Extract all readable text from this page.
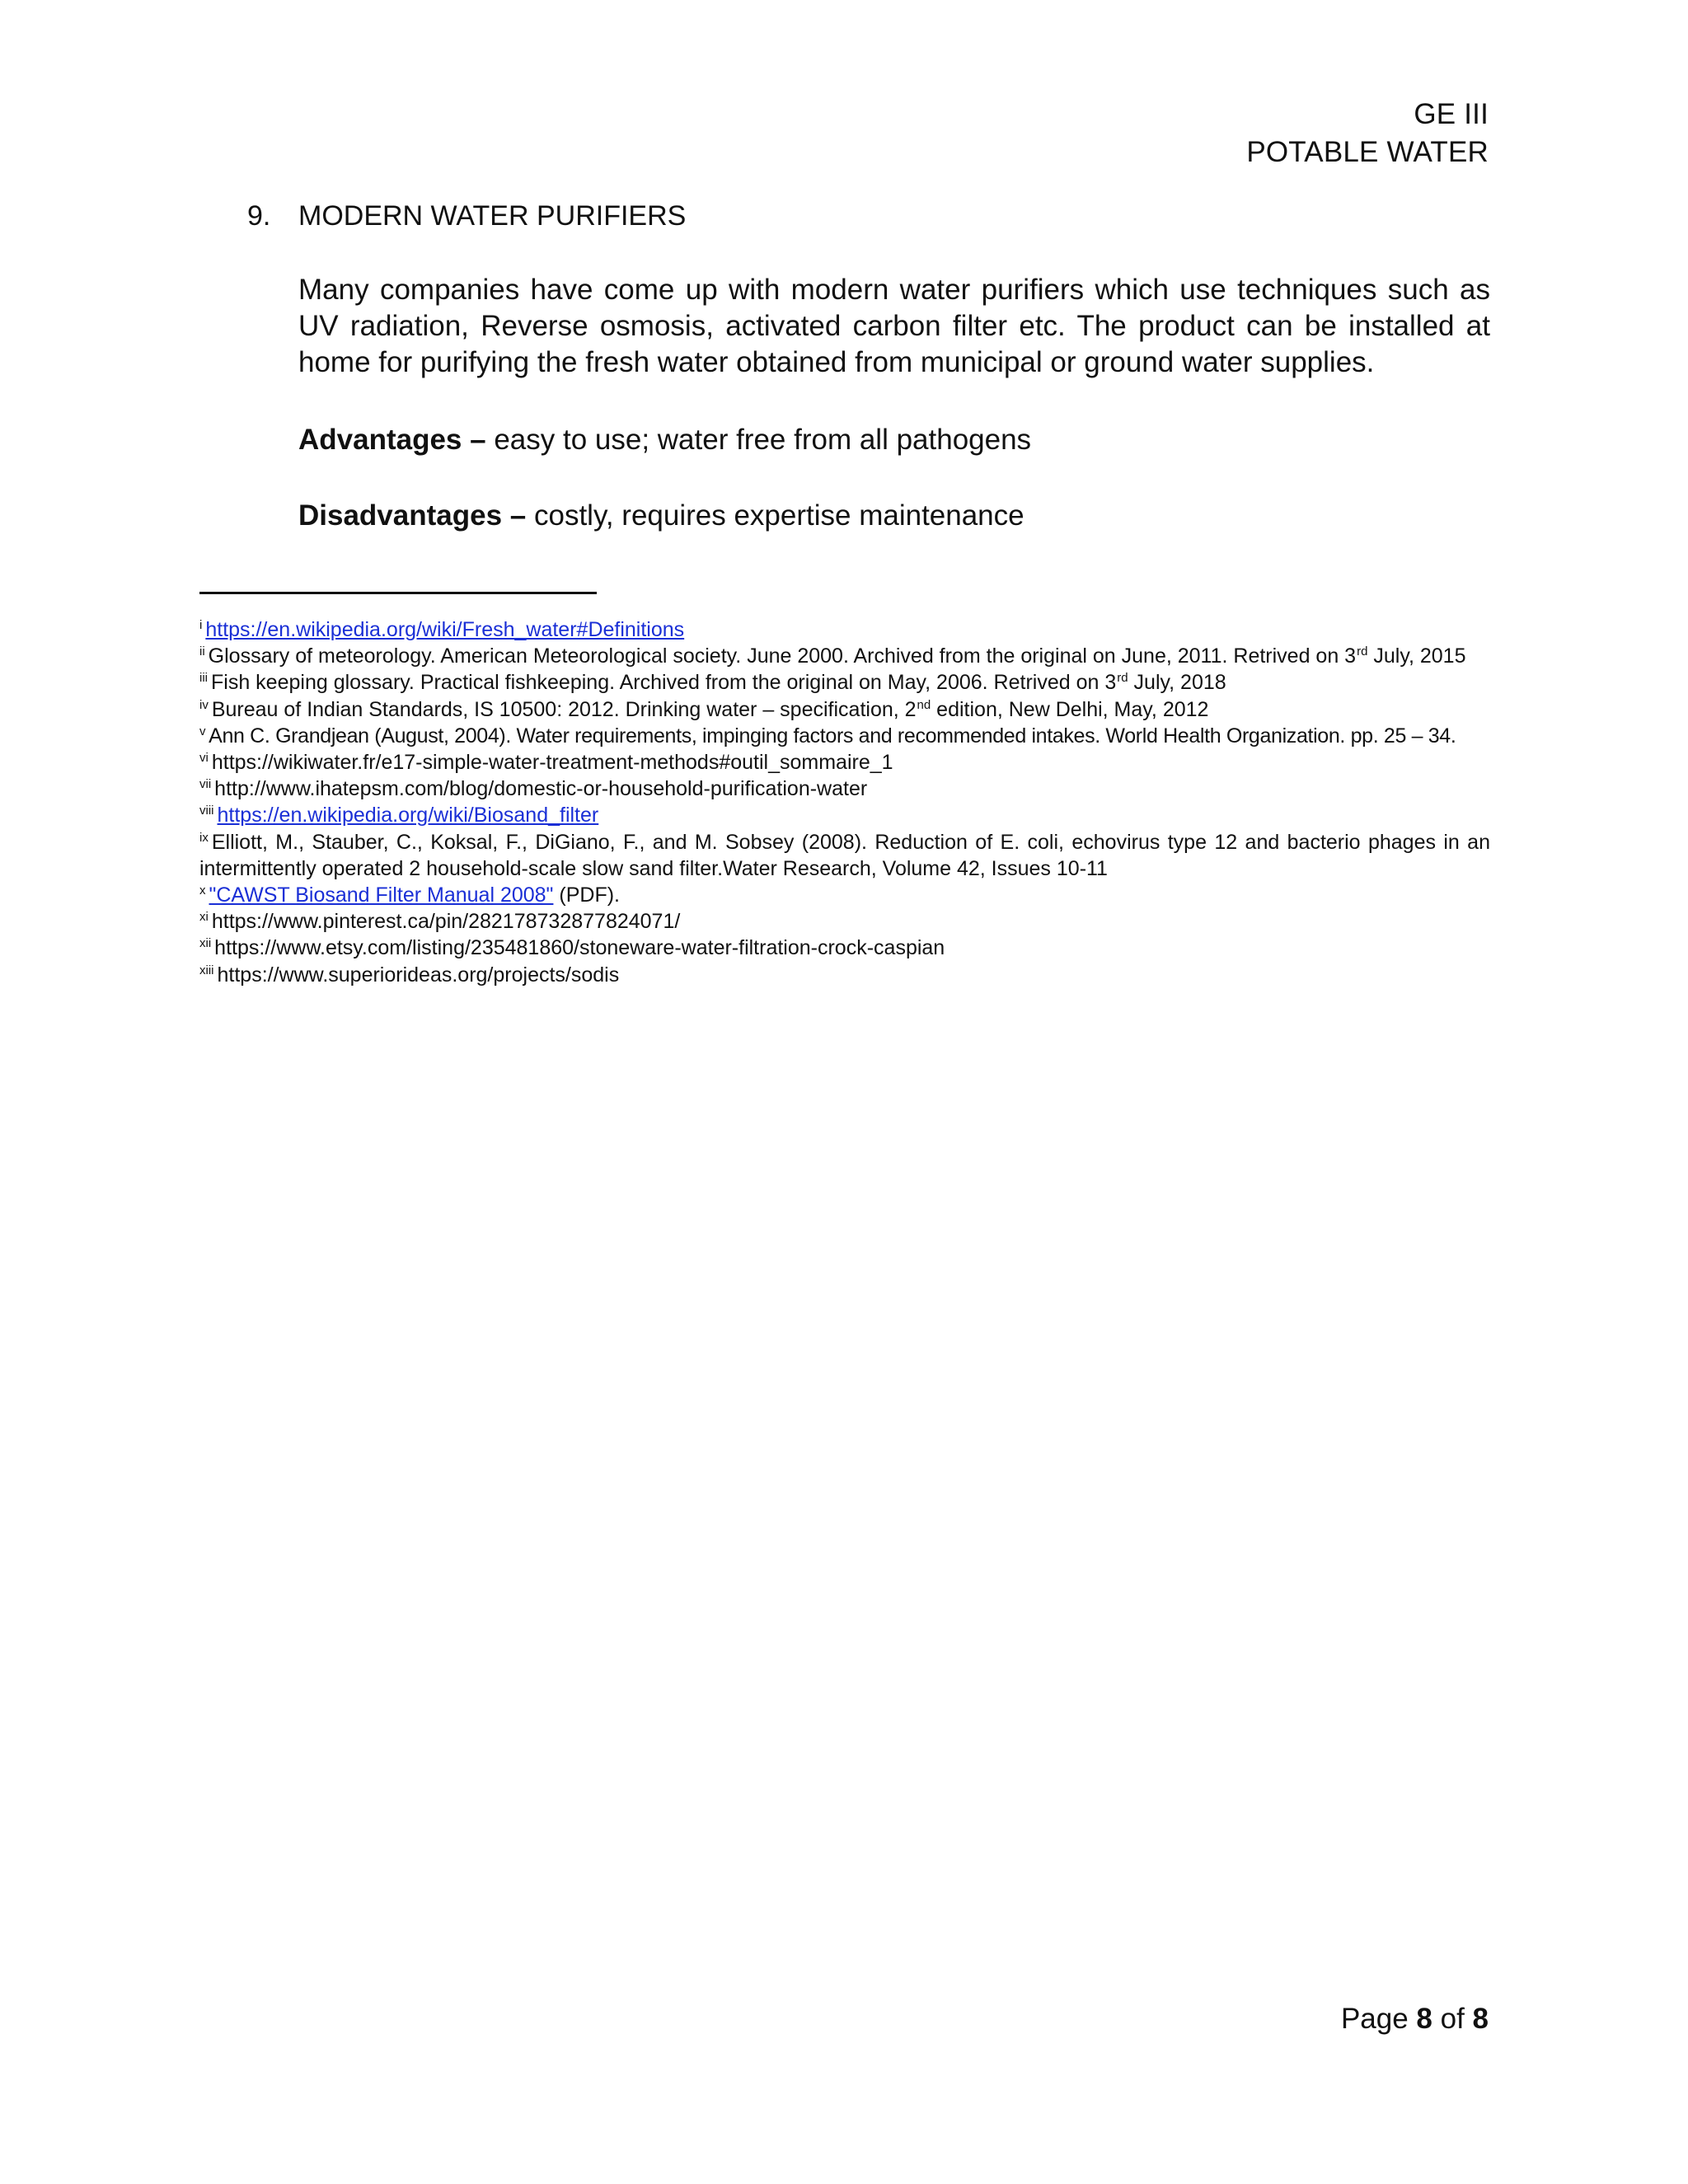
GE III
POTABLE WATER
9. MODERN WATER PURIFIERS
Many companies have come up with modern water purifiers which use techniques such as UV radiation, Reverse osmosis, activated carbon filter etc. The product can be installed at home for purifying the fresh water obtained from municipal or ground water supplies.
Advantages – easy to use; water free from all pathogens
Disadvantages – costly, requires expertise maintenance

$^i$ https://en.wikipedia.org/wiki/Fresh_water#Definitions

$^{ii}$ Glossary of meteorology. American Meteorological society. June 2000. Archived from the original on June, 2011. Retrived on 3rd July, 2015

$^{iii}$ Fish keeping glossary. Practical fishkeeping. Archived from the original on May, 2006. Retrived on 3rd July, 2018

$^{iv}$ Bureau of Indian Standards, IS 10500: 2012. Drinking water – specification, 2nd edition, New Delhi, May, 2012

$^v$ Ann C. Grandjean (August, 2004). Water requirements, impinging factors and recommended intakes. World Health Organization. pp. 25 – 34.

$^{vi}$ https://wikiwater.fr/e17-simple-water-treatment-methods#outil_sommaire_1

$^{vii}$ http://www.ihatepsm.com/blog/domestic-or-household-purification-water

$^{viii}$ https://en.wikipedia.org/wiki/Biosand_filter

$^{ix}$ Elliott, M., Stauber, C., Koksal, F., DiGiano, F., and M. Sobsey (2008). Reduction of E. coli, echovirus type 12 and bacterio phages in an intermittently operated 2 household-scale slow sand filter.Water Research, Volume 42, Issues 10-11

$^x$ "CAWST Biosand Filter Manual 2008" (PDF).

$^{xi}$ https://www.pinterest.ca/pin/282178732877824071/

$^{xii}$ https://www.etsy.com/listing/235481860/stoneware-water-filtration-crock-caspian

$^{xiii}$ https://www.superiorideas.org/projects/sodis

Page 8 of 8
